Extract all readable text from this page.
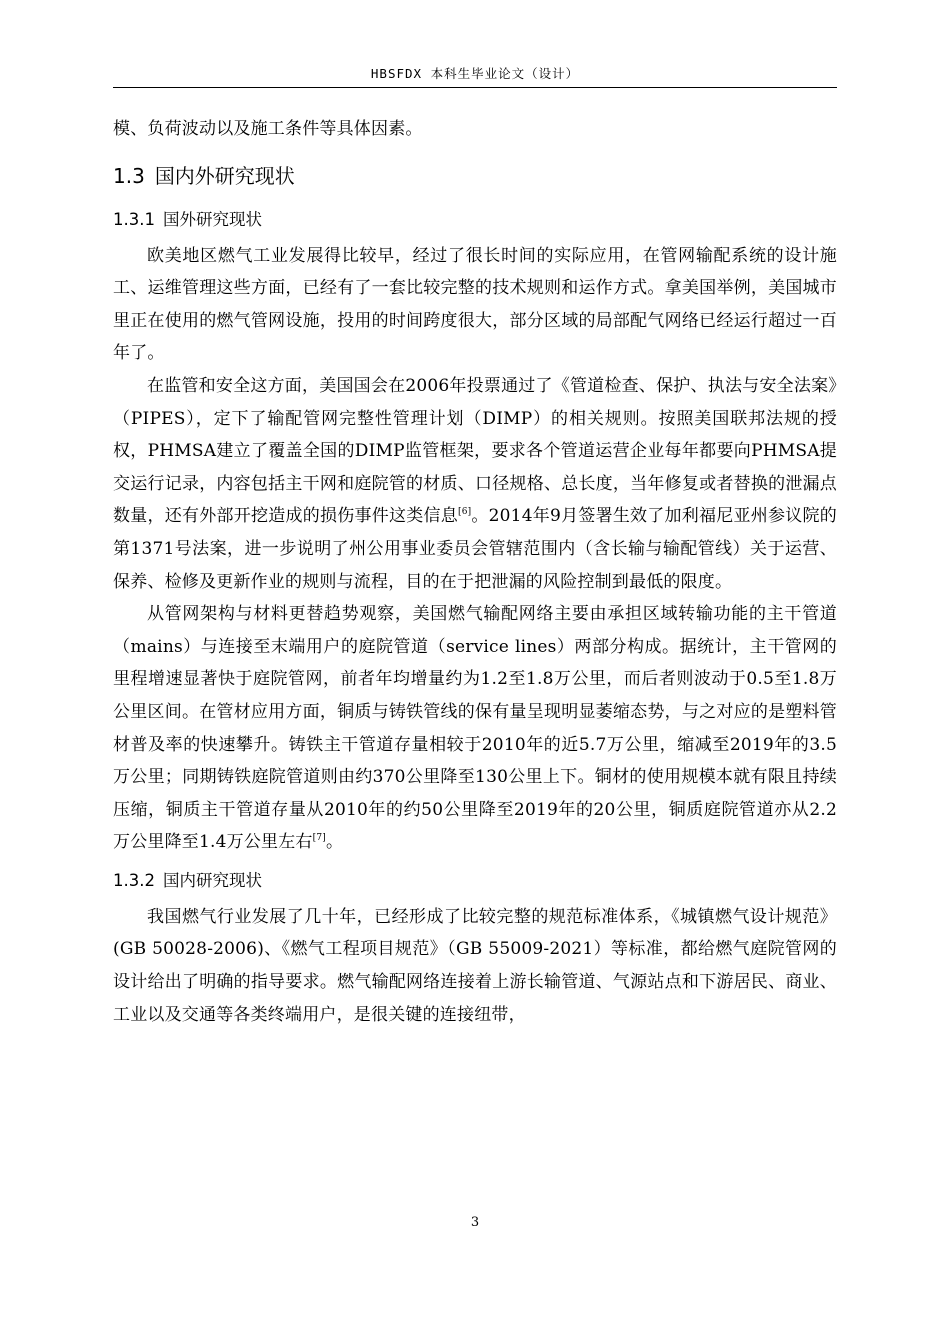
HBSFDX 本科生毕业论文（设计）

模、负荷波动以及施工条件等具体因素。

1.3 国内外研究现状
1.3.1 国外研究现状

欧美地区燃气工业发展得比较早，经过了很长时间的实际应用，在管网输配系统的设计施工、运维管理这些方面，已经有了一套比较完整的技术规则和运作方式。拿美国举例，美国城市里正在使用的燃气管网设施，投用的时间跨度很大，部分区域的局部配气网络已经运行超过一百年了。

在监管和安全这方面，美国国会在2006年投票通过了《管道检查、保护、执法与安全法案》（PIPES），定下了输配管网完整性管理计划（DIMP）的相关规则。按照美国联邦法规的授权，PHMSA建立了覆盖全国的DIMP监管框架，要求各个管道运营企业每年都要向PHMSA提交运行记录，内容包括主干网和庭院管的材质、口径规格、总长度，当年修复或者替换的泄漏点数量，还有外部开挖造成的损伤事件这类信息[6]。2014年9月签署生效了加利福尼亚州参议院的第1371号法案，进一步说明了州公用事业委员会管辖范围内（含长输与输配管线）关于运营、保养、检修及更新作业的规则与流程，目的在于把泄漏的风险控制到最低的限度。

从管网架构与材料更替趋势观察，美国燃气输配网络主要由承担区域转输功能的主干管道（mains）与连接至末端用户的庭院管道（service lines）两部分构成。据统计，主干管网的里程增速显著快于庭院管网，前者年均增量约为1.2至1.8万公里，而后者则波动于0.5至1.8万公里区间。在管材应用方面，铜质与铸铁管线的保有量呈现明显萎缩态势，与之对应的是塑料管材普及率的快速攀升。铸铁主干管道存量相较于2010年的近5.7万公里，缩减至2019年的3.5万公里；同期铸铁庭院管道则由约370公里降至130公里上下。铜材的使用规模本就有限且持续压缩，铜质主干管道存量从2010年的约50公里降至2019年的20公里，铜质庭院管道亦从2.2万公里降至1.4万公里左右[7]。

1.3.2 国内研究现状

我国燃气行业发展了几十年，已经形成了比较完整的规范标准体系，《城镇燃气设计规范》(GB 50028-2006)、《燃气工程项目规范》（GB 55009-2021）等标准，都给燃气庭院管网的设计给出了明确的指导要求。燃气输配网络连接着上游长输管道、气源站点和下游居民、商业、工业以及交通等各类终端用户，是很关键的连接纽带，

3
